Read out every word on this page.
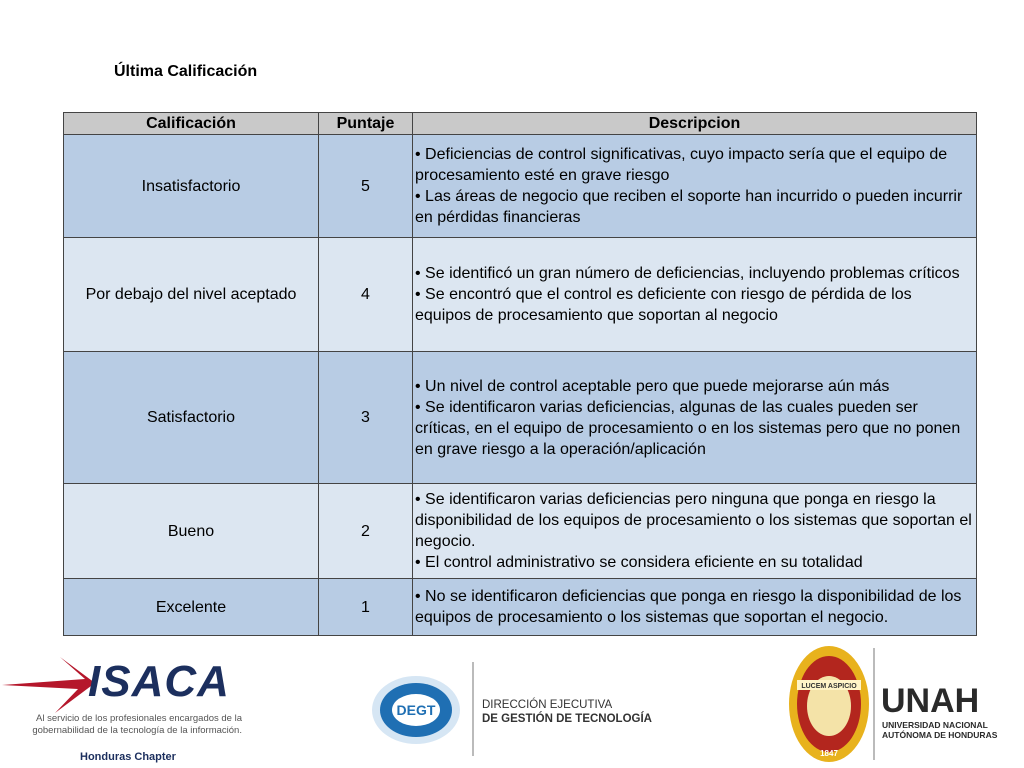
Última Calificación
Calificación	Puntaje	Descripcion
Insatisfactorio	5	• Deficiencias de control significativas, cuyo impacto sería que el equipo de procesamiento esté en grave riesgo
• Las áreas de negocio que reciben el soporte han incurrido o pueden incurrir en pérdidas financieras

Por debajo del nivel aceptado	4	• Se identificó un gran número de deficiencias, incluyendo problemas críticos
• Se encontró que el control es deficiente con riesgo de pérdida de los equipos de procesamiento que soportan al negocio

Satisfactorio	3	• Un nivel de control aceptable pero que puede mejorarse aún más
• Se identificaron varias deficiencias, algunas de las cuales pueden ser críticas, en el equipo de procesamiento o en los sistemas pero que no ponen en grave riesgo a la operación/aplicación

Bueno	2	• Se identificaron varias deficiencias pero ninguna que ponga en riesgo la disponibilidad de los equipos de procesamiento o los sistemas que soportan el negocio.
• El control administrativo se considera eficiente en su totalidad

Excelente	1	• No se identificaron deficiencias que ponga en riesgo la disponibilidad de los equipos de procesamiento o los sistemas que soportan el negocio.
ISACA
Al servicio de los profesionales encargados de la gobernabilidad de la tecnología de la información.
Honduras Chapter
DEGT	DIRECCIÓN EJECUTIVA
DE GESTIÓN DE TECNOLOGÍA
LUCEM ASPICIO
1847
UNAH
UNIVERSIDAD NACIONAL
AUTÓNOMA DE HONDURAS
